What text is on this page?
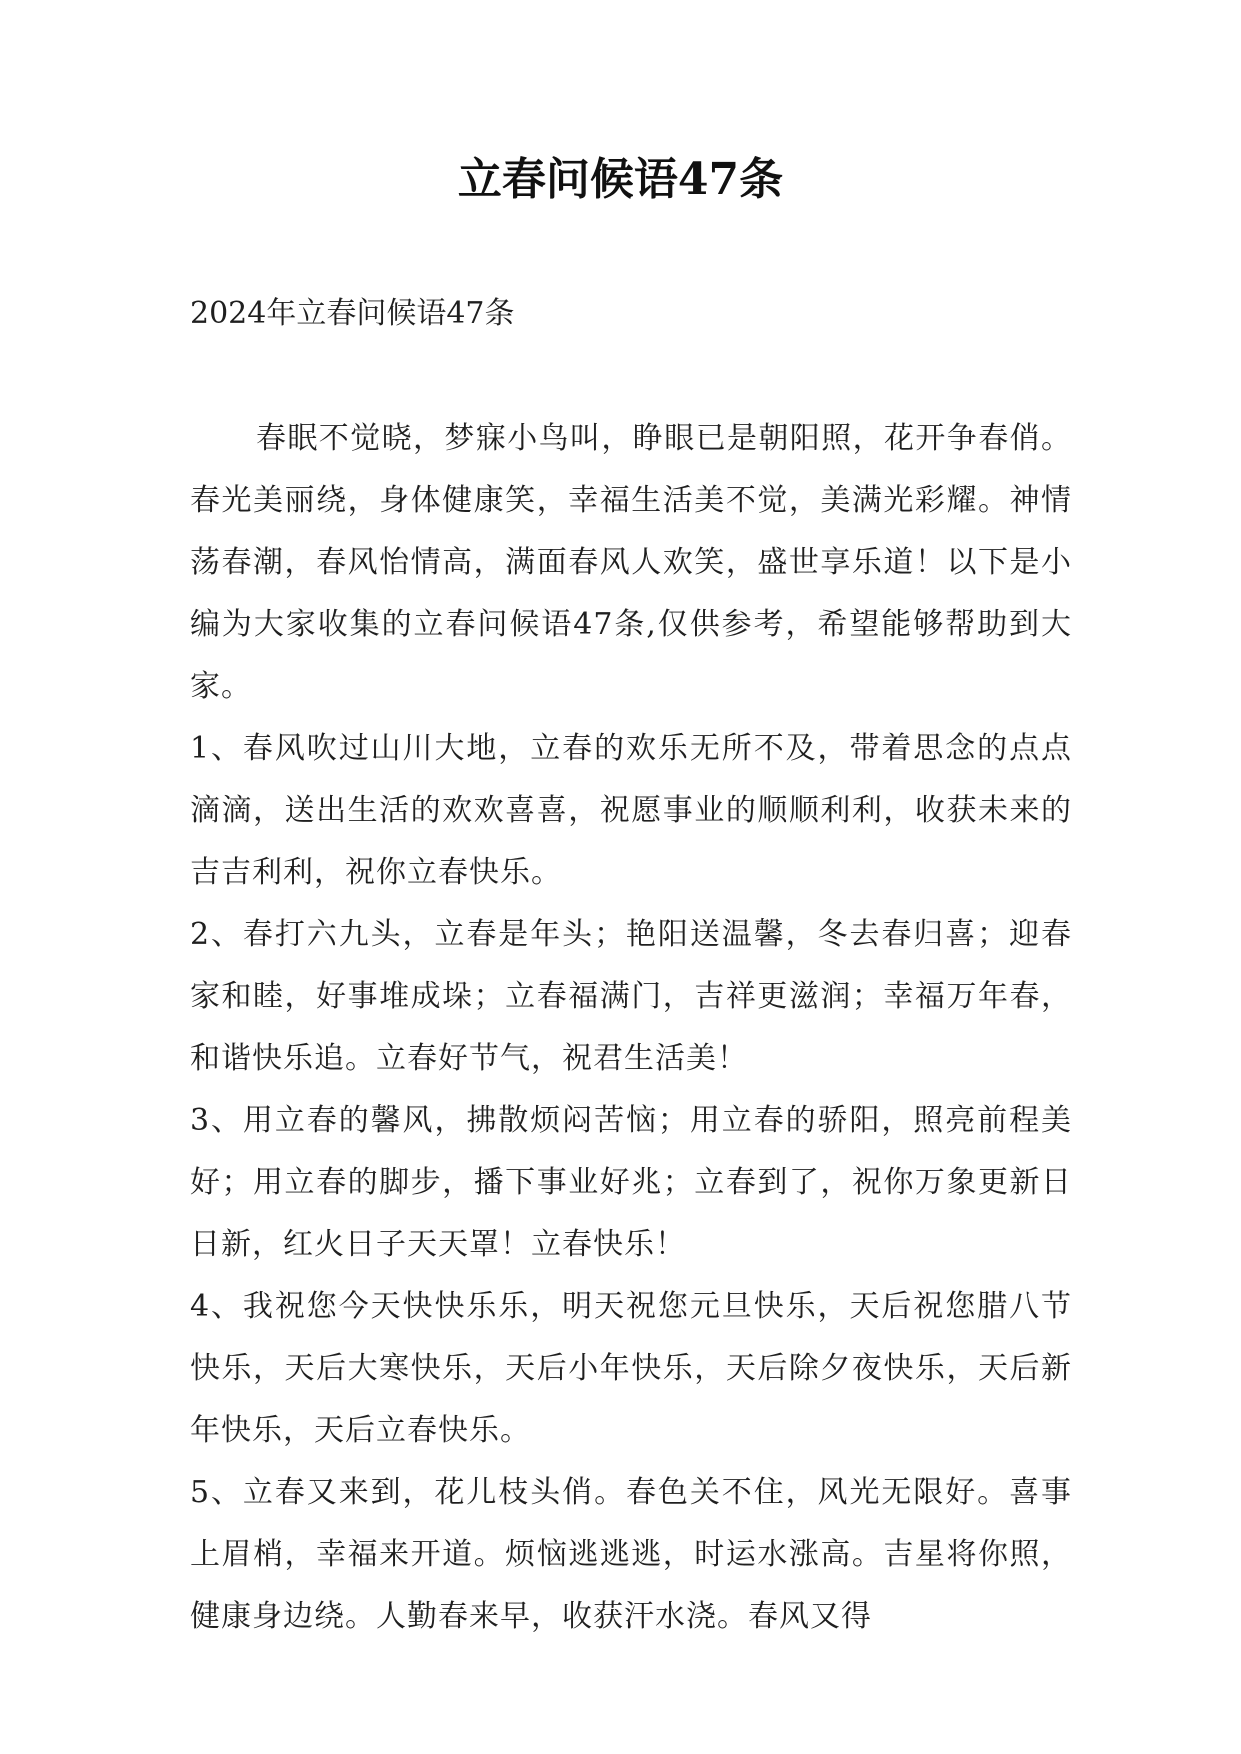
立春问候语47条

2024年立春问候语47条

春眠不觉晓，梦寐小鸟叫，睁眼已是朝阳照，花开争春俏。春光美丽绕，身体健康笑，幸福生活美不觉，美满光彩耀。神情荡春潮，春风怡情高，满面春风人欢笑，盛世享乐道！以下是小编为大家收集的立春问候语47条,仅供参考，希望能够帮助到大家。

1、春风吹过山川大地，立春的欢乐无所不及，带着思念的点点滴滴，送出生活的欢欢喜喜，祝愿事业的顺顺利利，收获未来的吉吉利利，祝你立春快乐。

2、春打六九头，立春是年头；艳阳送温馨，冬去春归喜；迎春家和睦，好事堆成垛；立春福满门，吉祥更滋润；幸福万年春，和谐快乐追。立春好节气，祝君生活美！

3、用立春的馨风，拂散烦闷苦恼；用立春的骄阳，照亮前程美好；用立春的脚步，播下事业好兆；立春到了，祝你万象更新日日新，红火日子天天罩！立春快乐！

4、我祝您今天快快乐乐，明天祝您元旦快乐，天后祝您腊八节快乐，天后大寒快乐，天后小年快乐，天后除夕夜快乐，天后新年快乐，天后立春快乐。

5、立春又来到，花儿枝头俏。春色关不住，风光无限好。喜事上眉梢，幸福来开道。烦恼逃逃逃，时运水涨高。吉星将你照，健康身边绕。人勤春来早，收获汗水浇。春风又得
